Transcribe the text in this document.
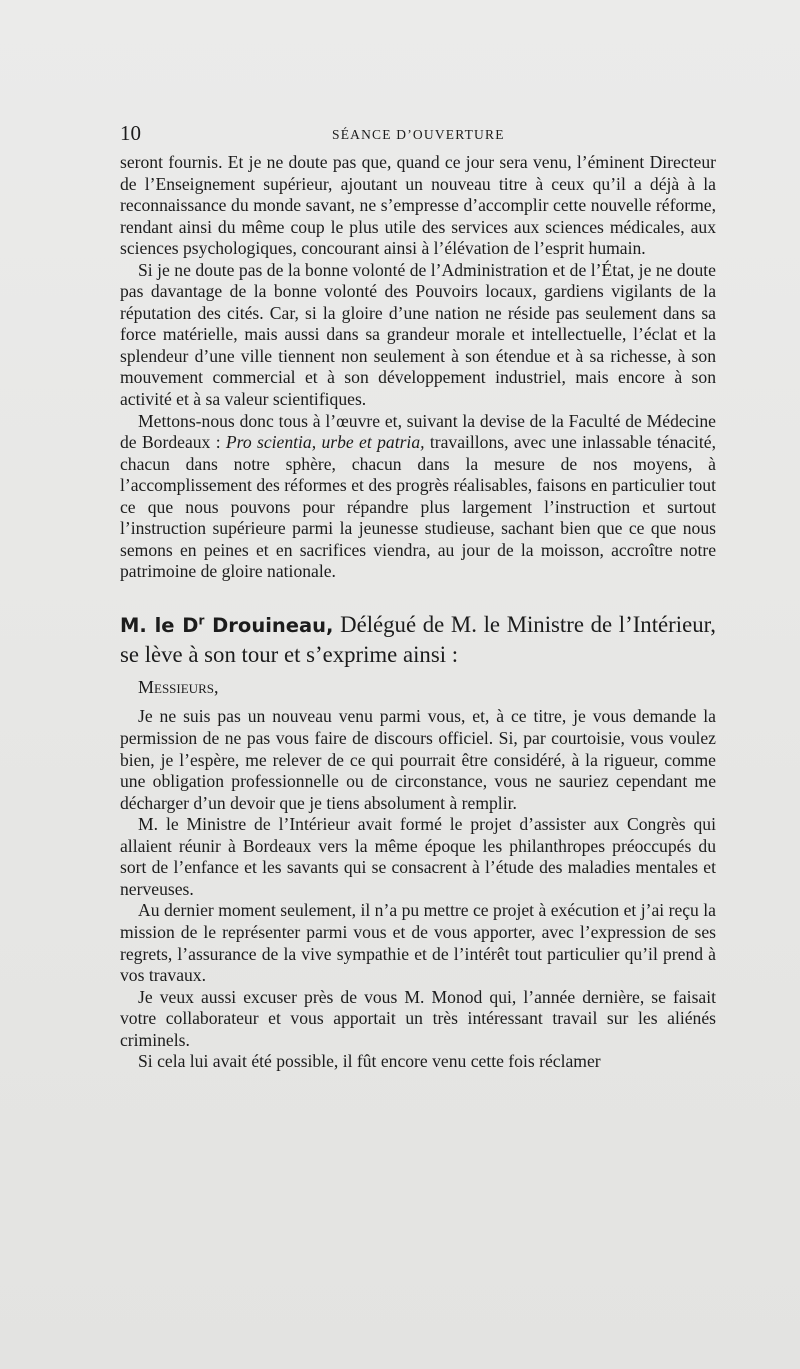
10	SÉANCE D’OUVERTURE

seront fournis. Et je ne doute pas que, quand ce jour sera venu, l’éminent Directeur de l’Enseignement supérieur, ajoutant un nouveau titre à ceux qu’il a déjà à la reconnaissance du monde savant, ne s’empresse d’accomplir cette nouvelle réforme, rendant ainsi du même coup le plus utile des services aux sciences médicales, aux sciences psychologiques, concourant ainsi à l’élévation de l’esprit humain.

Si je ne doute pas de la bonne volonté de l’Administration et de l’État, je ne doute pas davantage de la bonne volonté des Pouvoirs locaux, gardiens vigilants de la réputation des cités. Car, si la gloire d’une nation ne réside pas seulement dans sa force matérielle, mais aussi dans sa grandeur morale et intellectuelle, l’éclat et la splendeur d’une ville tiennent non seulement à son étendue et à sa richesse, à son mouvement commercial et à son développement industriel, mais encore à son activité et à sa valeur scientifiques.

Mettons-nous donc tous à l’œuvre et, suivant la devise de la Faculté de Médecine de Bordeaux : Pro scientia, urbe et patria, travaillons, avec une inlassable ténacité, chacun dans notre sphère, chacun dans la mesure de nos moyens, à l’accomplissement des réformes et des progrès réalisables, faisons en particulier tout ce que nous pouvons pour répandre plus largement l’instruction et surtout l’instruction supérieure parmi la jeunesse studieuse, sachant bien que ce que nous semons en peines et en sacrifices viendra, au jour de la moisson, accroître notre patrimoine de gloire nationale.

M. le $D^r$ Drouineau, Délégué de M. le Ministre de l’Intérieur, se lève à son tour et s’exprime ainsi :

Messieurs,

Je ne suis pas un nouveau venu parmi vous, et, à ce titre, je vous demande la permission de ne pas vous faire de discours officiel. Si, par courtoisie, vous voulez bien, je l’espère, me relever de ce qui pourrait être considéré, à la rigueur, comme une obligation professionnelle ou de circonstance, vous ne sauriez cependant me décharger d’un devoir que je tiens absolument à remplir.

M. le Ministre de l’Intérieur avait formé le projet d’assister aux Congrès qui allaient réunir à Bordeaux vers la même époque les philanthropes préoccupés du sort de l’enfance et les savants qui se consacrent à l’étude des maladies mentales et nerveuses.

Au dernier moment seulement, il n’a pu mettre ce projet à exécution et j’ai reçu la mission de le représenter parmi vous et de vous apporter, avec l’expression de ses regrets, l’assurance de la vive sympathie et de l’intérêt tout particulier qu’il prend à vos travaux.

Je veux aussi excuser près de vous M. Monod qui, l’année dernière, se faisait votre collaborateur et vous apportait un très intéressant travail sur les aliénés criminels.

Si cela lui avait été possible, il fût encore venu cette fois réclamer
